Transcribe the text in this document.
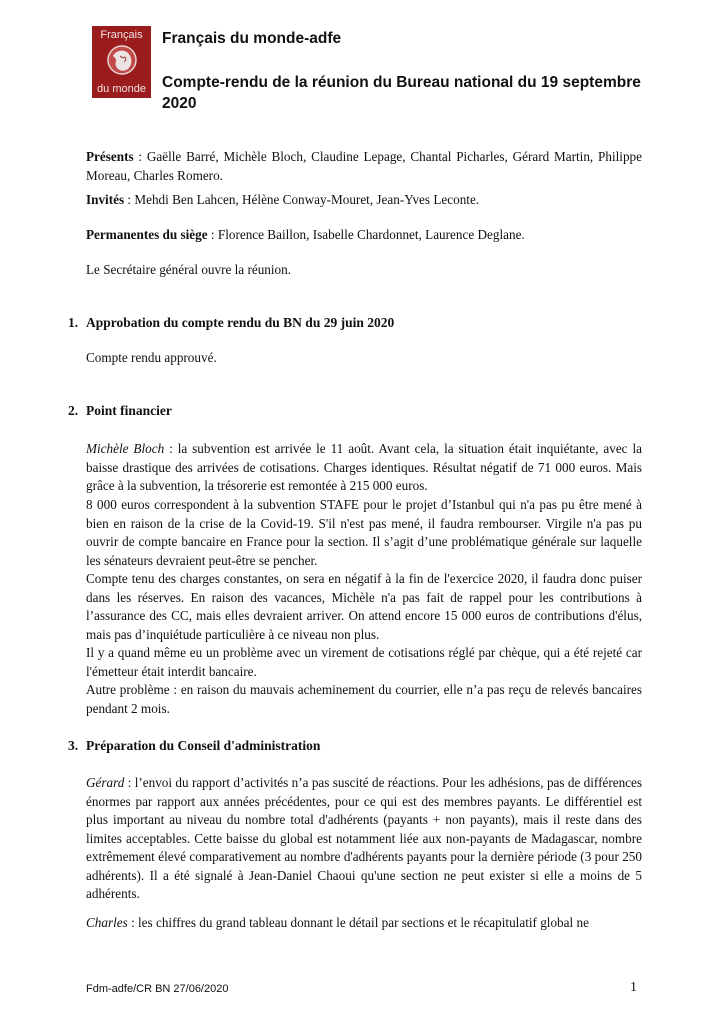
Français
du monde
Français du monde-adfe
Compte-rendu de la réunion du Bureau national du 19 septembre 2020
Présents : Gaëlle Barré, Michèle Bloch, Claudine Lepage, Chantal Picharles, Gérard Martin, Philippe Moreau, Charles Romero.
Invités : Mehdi Ben Lahcen, Hélène Conway-Mouret, Jean-Yves Leconte.
Permanentes du siège : Florence Baillon, Isabelle Chardonnet, Laurence Deglane.
Le Secrétaire général ouvre la réunion.
1. Approbation du compte rendu du BN du 29 juin 2020
Compte rendu approuvé.
2. Point financier
Michèle Bloch : la subvention est arrivée le 11 août. Avant cela, la situation était inquiétante, avec la baisse drastique des arrivées de cotisations. Charges identiques. Résultat négatif de 71 000 euros. Mais grâce à la subvention, la trésorerie est remontée à 215 000 euros.
8 000 euros correspondent à la subvention STAFE pour le projet d’Istanbul qui n'a pas pu être mené à bien en raison de la crise de la Covid-19. S'il n'est pas mené, il faudra rembourser. Virgile n'a pas pu ouvrir de compte bancaire en France pour la section. Il s’agit d’une problématique générale sur laquelle les sénateurs devraient peut-être se pencher.
Compte tenu des charges constantes, on sera en négatif à la fin de l'exercice 2020, il faudra donc puiser dans les réserves. En raison des vacances, Michèle n'a pas fait de rappel pour les contributions à l’assurance des CC, mais elles devraient arriver. On attend encore 15 000 euros de contributions d'élus, mais pas d’inquiétude particulière à ce niveau non plus.
Il y a quand même eu un problème avec un virement de cotisations réglé par chèque, qui a été rejeté car l'émetteur était interdit bancaire.
Autre problème : en raison du mauvais acheminement du courrier, elle n’a pas reçu de relevés bancaires pendant 2 mois.
3. Préparation du Conseil d'administration
Gérard : l’envoi du rapport d’activités n’a pas suscité de réactions. Pour les adhésions, pas de différences énormes par rapport aux années précédentes, pour ce qui est des membres payants. Le différentiel est plus important au niveau du nombre total d'adhérents (payants + non payants), mais il reste dans des limites acceptables. Cette baisse du global est notamment liée aux non-payants de Madagascar, nombre extrêmement élevé comparativement au nombre d'adhérents payants pour la dernière période (3 pour 250 adhérents). Il a été signalé à Jean-Daniel Chaoui qu'une section ne peut exister si elle a moins de 5 adhérents.
Charles : les chiffres du grand tableau donnant le détail par sections et le récapitulatif global ne
Fdm-adfe/CR BN 27/06/2020	1
